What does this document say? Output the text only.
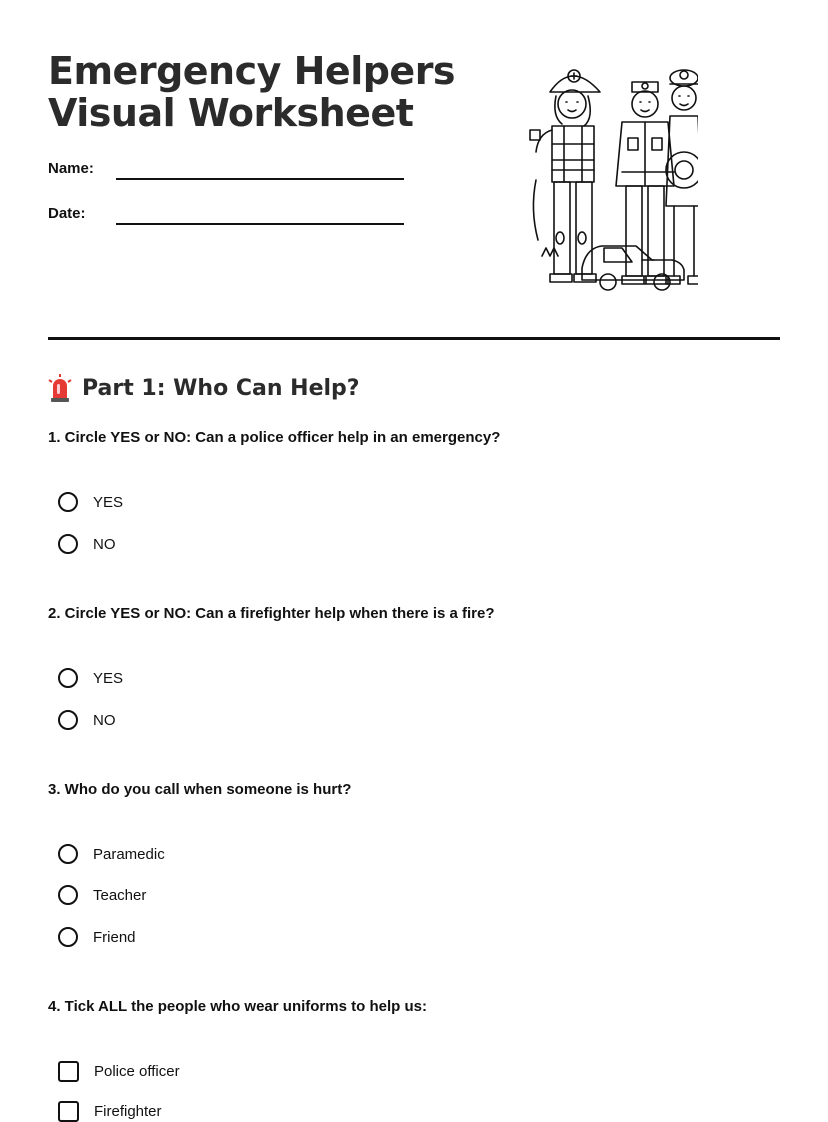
Emergency Helpers
Visual Worksheet
Name:
Date:
Part 1: Who Can Help?
1. Circle YES or NO: Can a police officer help in an emergency?
YES
NO
2. Circle YES or NO: Can a firefighter help when there is a fire?
YES
NO
3. Who do you call when someone is hurt?
Paramedic
Teacher
Friend
4. Tick ALL the people who wear uniforms to help us:
Police officer
Firefighter
